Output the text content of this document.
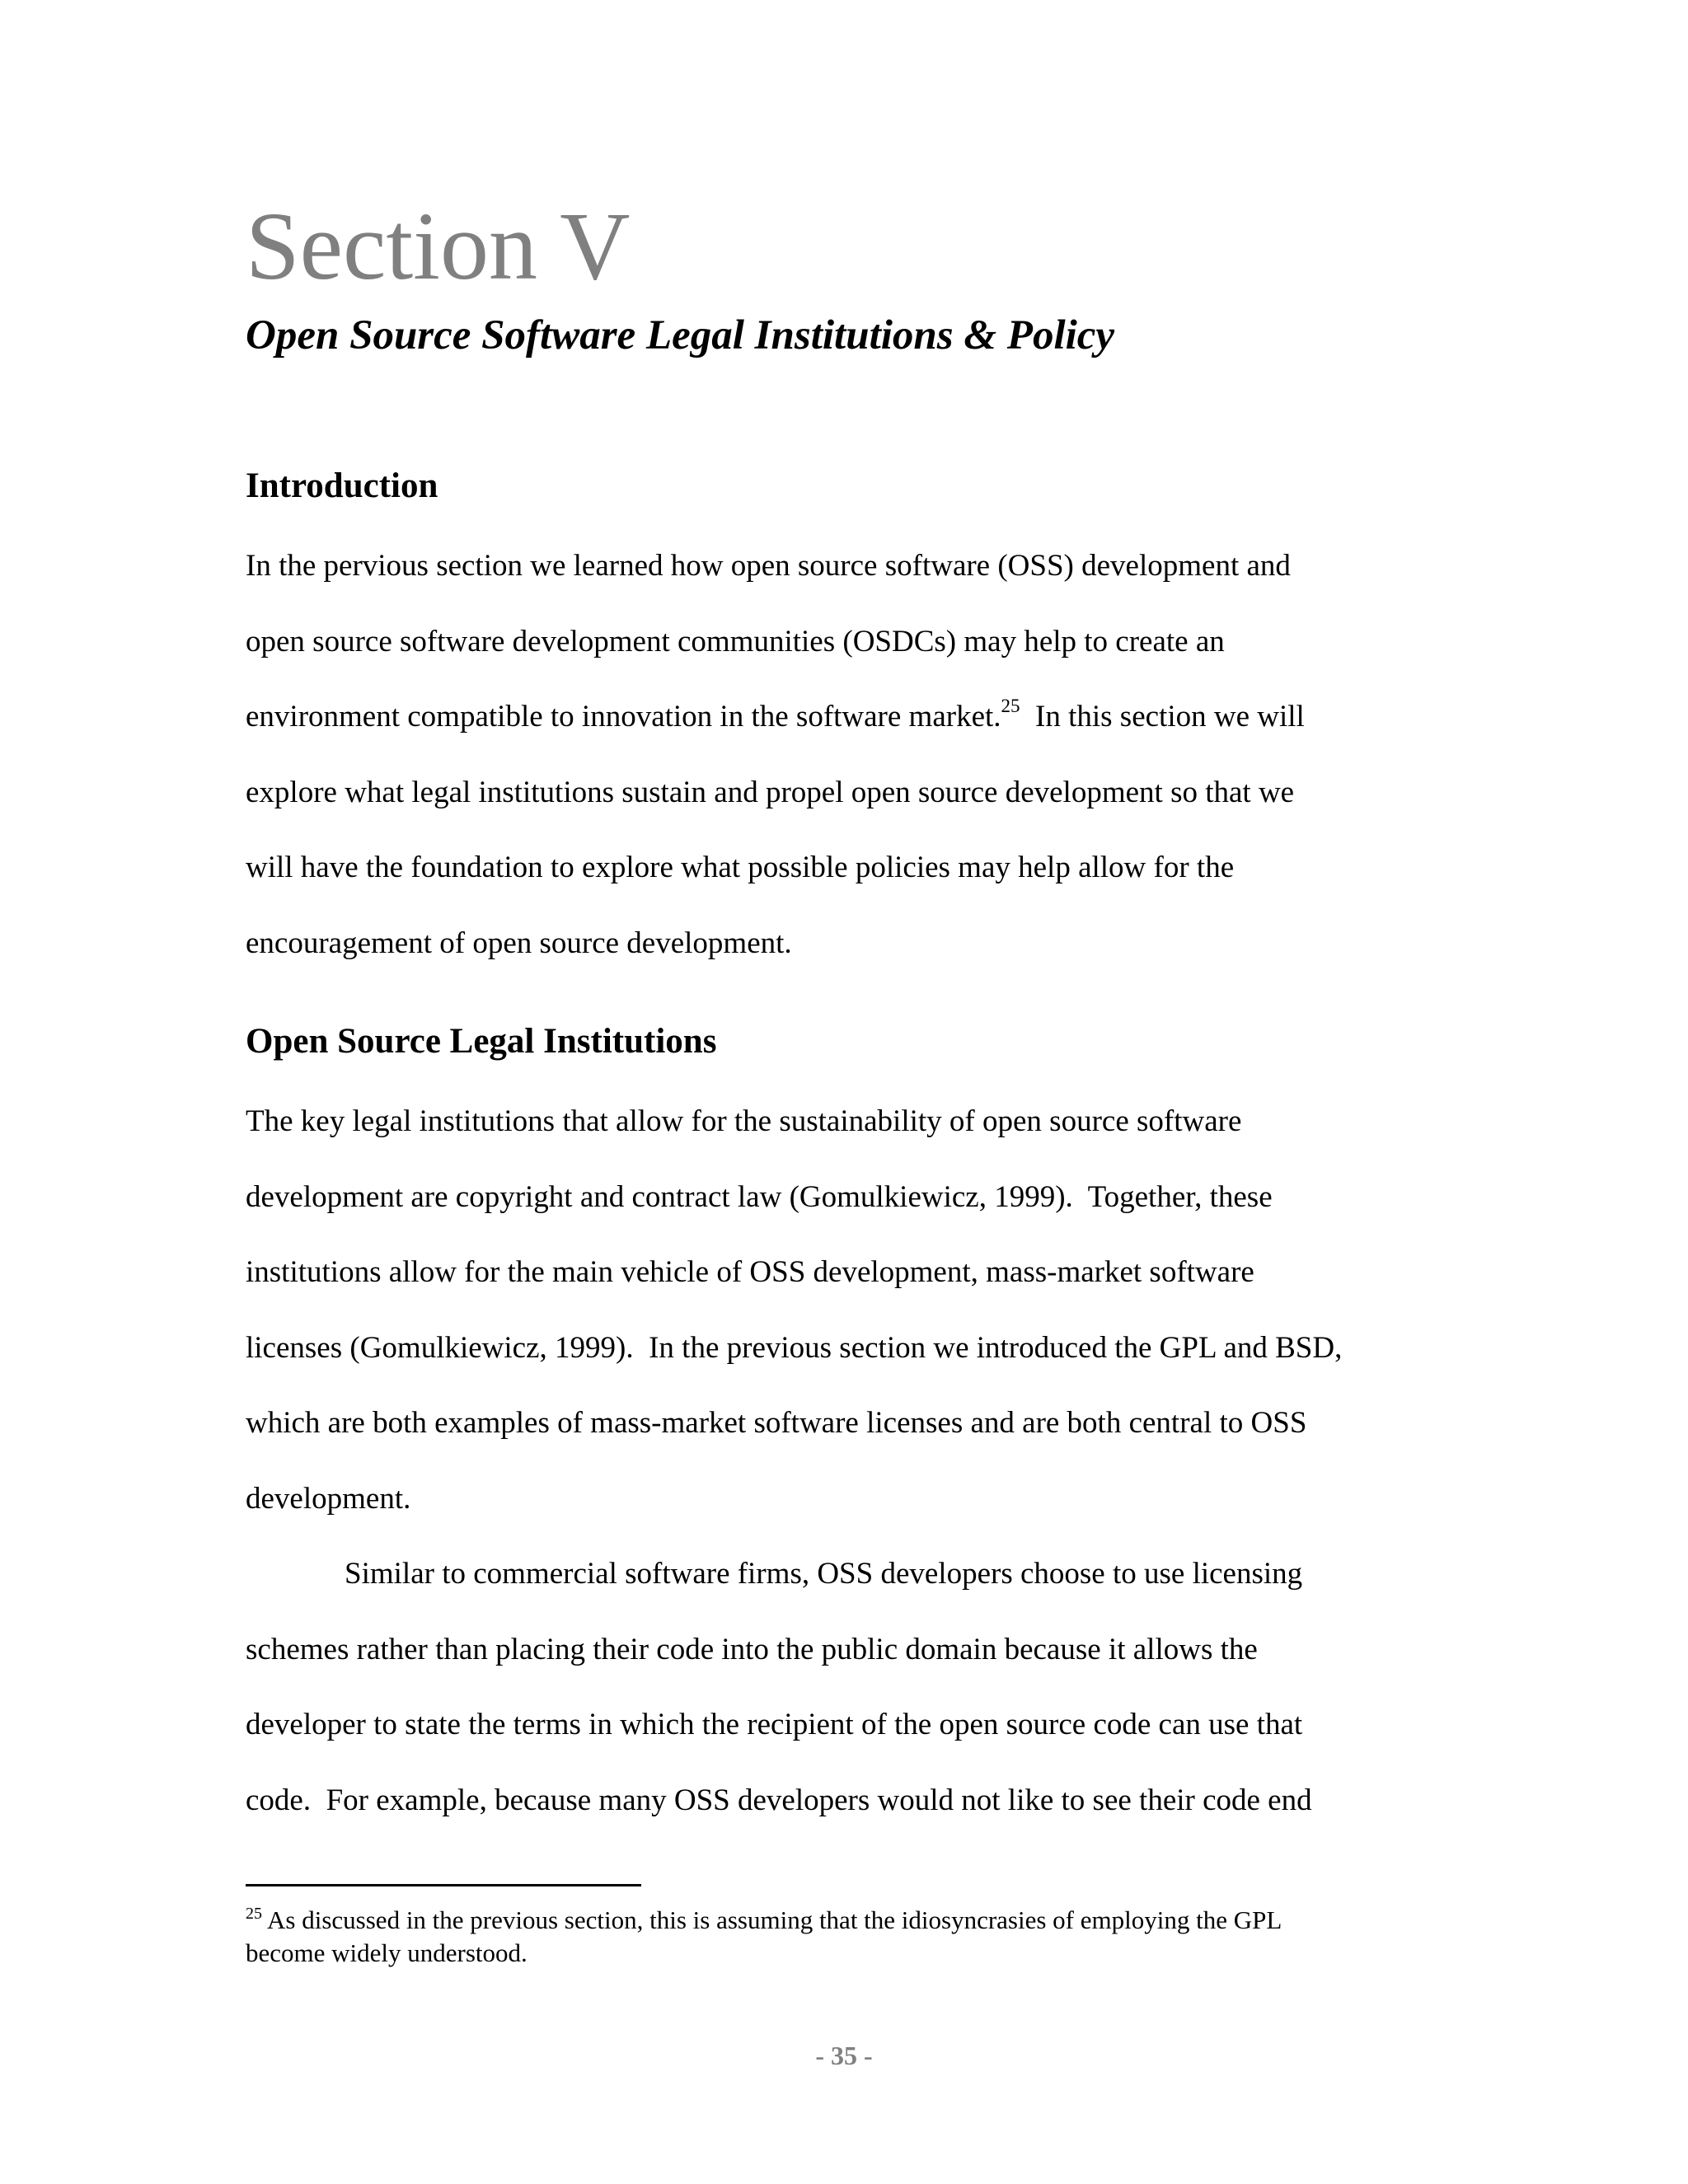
Section V
Open Source Software Legal Institutions & Policy
Introduction

In the pervious section we learned how open source software (OSS) development and

open source software development communities (OSDCs) may help to create an

environment compatible to innovation in the software market.$^{25}$  In this section we will

explore what legal institutions sustain and propel open source development so that we

will have the foundation to explore what possible policies may help allow for the

encouragement of open source development.

Open Source Legal Institutions

The key legal institutions that allow for the sustainability of open source software

development are copyright and contract law (Gomulkiewicz, 1999).  Together, these

institutions allow for the main vehicle of OSS development, mass-market software

licenses (Gomulkiewicz, 1999).  In the previous section we introduced the GPL and BSD,

which are both examples of mass-market software licenses and are both central to OSS

development.

Similar to commercial software firms, OSS developers choose to use licensing

schemes rather than placing their code into the public domain because it allows the

developer to state the terms in which the recipient of the open source code can use that

code.  For example, because many OSS developers would not like to see their code end

$^{25}$ As discussed in the previous section, this is assuming that the idiosyncrasies of employing the GPL

become widely understood.

- 35 -
